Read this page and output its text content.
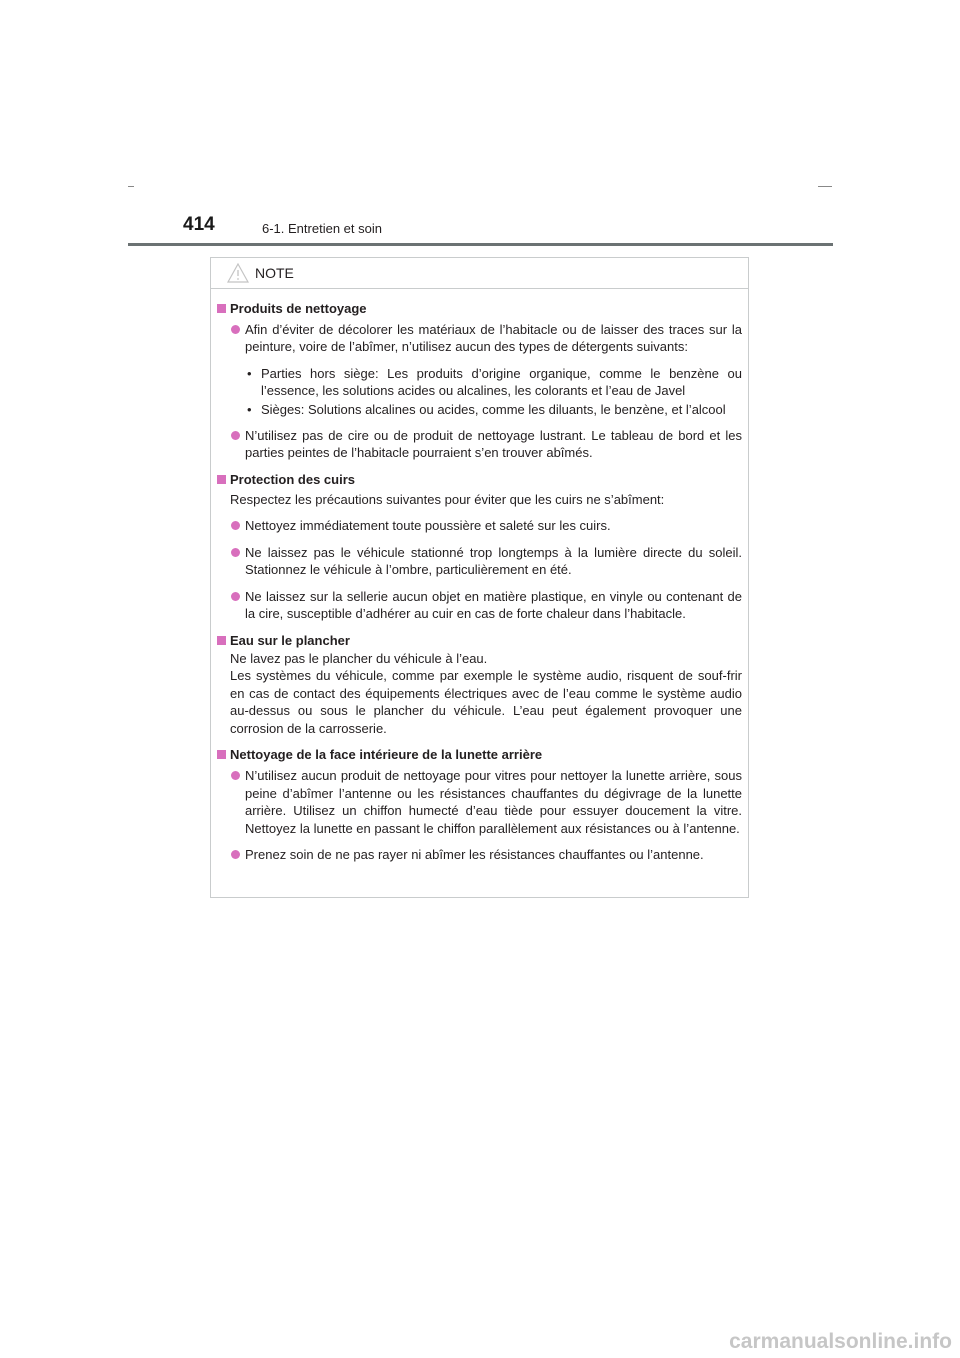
414	6-1. Entretien et soin
NOTE
Produits de nettoyage
Afin d’éviter de décolorer les matériaux de l’habitacle ou de laisser des traces sur la peinture, voire de l’abîmer, n’utilisez aucun des types de détergents suivants:
• Parties hors siège: Les produits d’origine organique, comme le benzène ou l’essence, les solutions acides ou alcalines, les colorants et l’eau de Javel
• Sièges: Solutions alcalines ou acides, comme les diluants, le benzène, et l’alcool
N’utilisez pas de cire ou de produit de nettoyage lustrant. Le tableau de bord et les parties peintes de l’habitacle pourraient s’en trouver abîmés.
Protection des cuirs
Respectez les précautions suivantes pour éviter que les cuirs ne s’abîment:
Nettoyez immédiatement toute poussière et saleté sur les cuirs.
Ne laissez pas le véhicule stationné trop longtemps à la lumière directe du soleil. Stationnez le véhicule à l’ombre, particulièrement en été.
Ne laissez sur la sellerie aucun objet en matière plastique, en vinyle ou contenant de la cire, susceptible d’adhérer au cuir en cas de forte chaleur dans l’habitacle.
Eau sur le plancher
Ne lavez pas le plancher du véhicule à l’eau.
Les systèmes du véhicule, comme par exemple le système audio, risquent de souf-frir en cas de contact des équipements électriques avec de l’eau comme le système audio au-dessus ou sous le plancher du véhicule. L’eau peut également provoquer une corrosion de la carrosserie.
Nettoyage de la face intérieure de la lunette arrière
N’utilisez aucun produit de nettoyage pour vitres pour nettoyer la lunette arrière, sous peine d’abîmer l’antenne ou les résistances chauffantes du dégivrage de la lunette arrière. Utilisez un chiffon humecté d’eau tiède pour essuyer doucement la vitre. Nettoyez la lunette en passant le chiffon parallèlement aux résistances ou à l’antenne.
Prenez soin de ne pas rayer ni abîmer les résistances chauffantes ou l’antenne.
carmanualsonline.info
